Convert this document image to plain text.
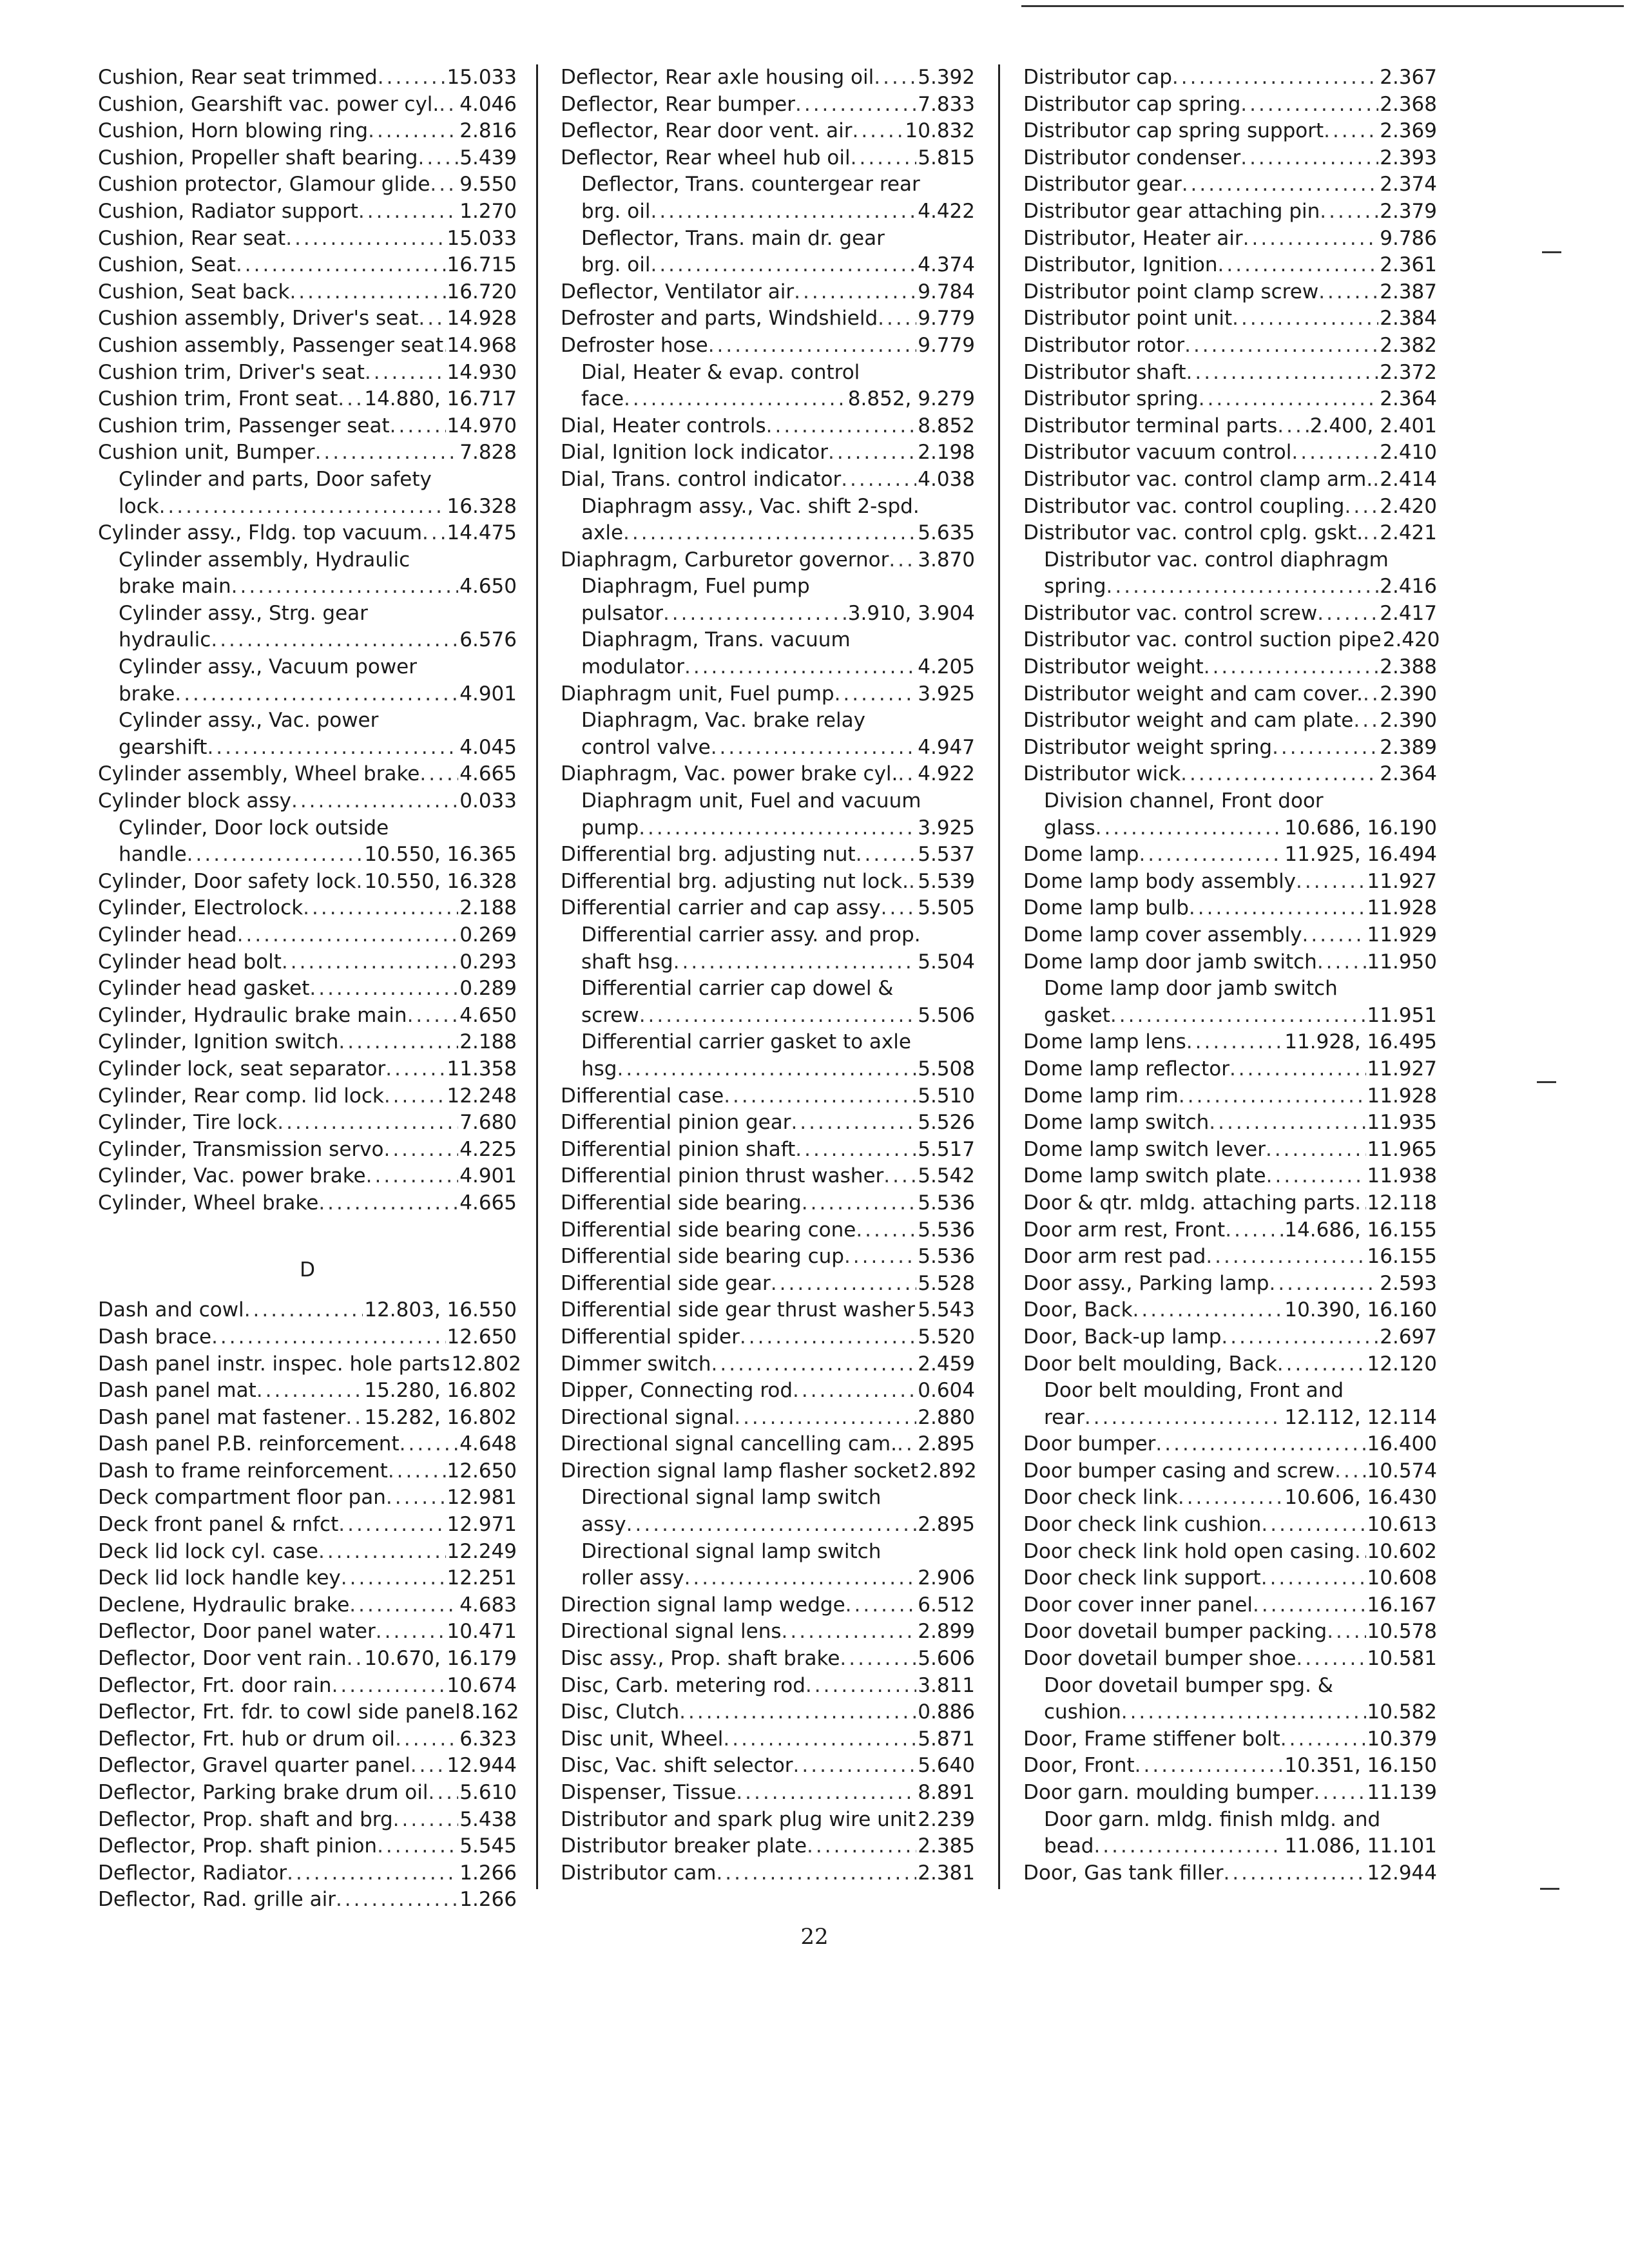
Cushion, Rear seat trimmed .....	15.033
Cushion, Gearshift vac. power cyl. ..... 4.046
Cushion, Horn blowing ring .....	2.816
Cushion, Propeller shaft bearing ..... 5.439
Cushion protector, Glamour glide ..... 9.550
Cushion, Radiator support .....	1.270
Cushion, Rear seat .....	15.033
Cushion, Seat .....	16.715
Cushion, Seat back .....	16.720
Cushion assembly, Driver's seat ..... 14.928
Cushion assembly, Passenger seat ..... 14.968
Cushion trim, Driver's seat .....	14.930
Cushion trim, Front seat ..... 14.880, 16.717
Cushion trim, Passenger seat .....	14.970
Cushion unit, Bumper .....	7.828
Cylinder and parts, Door safety
lock .....	16.328
Cylinder assy., Fldg. top vacuum ..... 14.475
Cylinder assembly, Hydraulic
brake main .....	4.650
Cylinder assy., Strg. gear
hydraulic .....	6.576
Cylinder assy., Vacuum power
brake .....	4.901
Cylinder assy., Vac. power
gearshift .....	4.045
Cylinder assembly, Wheel brake ..... 4.665
Cylinder block assy .....	0.033
Cylinder, Door lock outside
handle .....	10.550, 16.365
Cylinder, Door safety lock ..... 10.550, 16.328
Cylinder, Electrolock .....	2.188
Cylinder head .....	0.269
Cylinder head bolt .....	0.293
Cylinder head gasket .....	0.289
Cylinder, Hydraulic brake main .....	4.650
Cylinder, Ignition switch .....	2.188
Cylinder lock, seat separator .....	11.358
Cylinder, Rear comp. lid lock .....	12.248
Cylinder, Tire lock .....	7.680
Cylinder, Transmission servo .....	4.225
Cylinder, Vac. power brake .....	4.901
Cylinder, Wheel brake .....	4.665
D
Dash and cowl .....	12.803, 16.550
Dash brace .....	12.650
Dash panel instr. inspec. hole parts 12.802
Dash panel mat .....	15.280, 16.802
Dash panel mat fastener ..... 15.282, 16.802
Dash panel P.B. reinforcement .....	4.648
Dash to frame reinforcement .....	12.650
Deck compartment floor pan .....	12.981
Deck front panel & rnfct .....	12.971
Deck lid lock cyl. case .....	12.249
Deck lid lock handle key .....	12.251
Declene, Hydraulic brake .....	4.683
Deflector, Door panel water .....	10.471
Deflector, Door vent rain ..... 10.670, 16.179
Deflector, Frt. door rain .....	10.674
Deflector, Frt. fdr. to cowl side panel 8.162
Deflector, Frt. hub or drum oil .....	6.323
Deflector, Gravel quarter panel ..... 12.944
Deflector, Parking brake drum oil ..... 5.610
Deflector, Prop. shaft and brg .....	5.438
Deflector, Prop. shaft pinion .....	5.545
Deflector, Radiator .....	1.266
Deflector, Rad. grille air .....	1.266
Deflector, Rear axle housing oil ..... 5.392
Deflector, Rear bumper .....	7.833
Deflector, Rear door vent. air .....	10.832
Deflector, Rear wheel hub oil .....	5.815
Deflector, Trans. countergear rear
brg. oil .....	4.422
Deflector, Trans. main dr. gear
brg. oil .....	4.374
Deflector, Ventilator air .....	9.784
Defroster and parts, Windshield ..... 9.779
Defroster hose .....	9.779
Dial, Heater & evap. control
face .....	8.852, 9.279
Dial, Heater controls .....	8.852
Dial, Ignition lock indicator .....	2.198
Dial, Trans. control indicator .....	4.038
Diaphragm assy., Vac. shift 2-spd.
axle .....	5.635
Diaphragm, Carburetor governor ..... 3.870
Diaphragm, Fuel pump
pulsator .....	3.910, 3.904
Diaphragm, Trans. vacuum
modulator .....	4.205
Diaphragm unit, Fuel pump .....	3.925
Diaphragm, Vac. brake relay
control valve .....	4.947
Diaphragm, Vac. power brake cyl. ..... 4.922
Diaphragm unit, Fuel and vacuum
pump .....	3.925
Differential brg. adjusting nut .....	5.537
Differential brg. adjusting nut lock. ..... 5.539
Differential carrier and cap assy ..... 5.505
Differential carrier assy. and prop.
shaft hsg .....	5.504
Differential carrier cap dowel &
screw .....	5.506
Differential carrier gasket to axle
hsg .....	5.508
Differential case .....	5.510
Differential pinion gear .....	5.526
Differential pinion shaft .....	5.517
Differential pinion thrust washer ..... 5.542
Differential side bearing .....	5.536
Differential side bearing cone .....	5.536
Differential side bearing cup .....	5.536
Differential side gear .....	5.528
Differential side gear thrust washer ..... 5.543
Differential spider .....	5.520
Dimmer switch .....	2.459
Dipper, Connecting rod .....	0.604
Directional signal .....	2.880
Directional signal cancelling cam. ..... 2.895
Direction signal lamp flasher socket 2.892
Directional signal lamp switch
assy .....	2.895
Directional signal lamp switch
roller assy .....	2.906
Direction signal lamp wedge .....	6.512
Directional signal lens .....	2.899
Disc assy., Prop. shaft brake .....	5.606
Disc, Carb. metering rod .....	3.811
Disc, Clutch .....	0.886
Disc unit, Wheel .....	5.871
Disc, Vac. shift selector .....	5.640
Dispenser, Tissue .....	8.891
Distributor and spark plug wire unit ..... 2.239
Distributor breaker plate .....	2.385
Distributor cam .....	2.381
Distributor cap .....	2.367
Distributor cap spring .....	2.368
Distributor cap spring support .....	2.369
Distributor condenser .....	2.393
Distributor gear .....	2.374
Distributor gear attaching pin .....	2.379
Distributor, Heater air .....	9.786
Distributor, Ignition .....	2.361
Distributor point clamp screw .....	2.387
Distributor point unit .....	2.384
Distributor rotor .....	2.382
Distributor shaft .....	2.372
Distributor spring .....	2.364
Distributor terminal parts ..... 2.400, 2.401
Distributor vacuum control .....	2.410
Distributor vac. control clamp arm. ..... 2.414
Distributor vac. control coupling ..... 2.420
Distributor vac. control cplg. gskt. ..... 2.421
Distributor vac. control diaphragm
spring .....	2.416
Distributor vac. control screw .....	2.417
Distributor vac. control suction pipe 2.420
Distributor weight .....	2.388
Distributor weight and cam cover. ..... 2.390
Distributor weight and cam plate ..... 2.390
Distributor weight spring .....	2.389
Distributor wick .....	2.364
Division channel, Front door
glass .....	10.686, 16.190
Dome lamp .....	11.925, 16.494
Dome lamp body assembly .....	11.927
Dome lamp bulb .....	11.928
Dome lamp cover assembly .....	11.929
Dome lamp door jamb switch .....	11.950
Dome lamp door jamb switch
gasket .....	11.951
Dome lamp lens .....	11.928, 16.495
Dome lamp reflector .....	11.927
Dome lamp rim .....	11.928
Dome lamp switch .....	11.935
Dome lamp switch lever .....	11.965
Dome lamp switch plate .....	11.938
Door & qtr. mldg. attaching parts ..... 12.118
Door arm rest, Front .....	14.686, 16.155
Door arm rest pad .....	16.155
Door assy., Parking lamp .....	2.593
Door, Back .....	10.390, 16.160
Door, Back-up lamp .....	2.697
Door belt moulding, Back .....	12.120
Door belt moulding, Front and
rear .....	12.112, 12.114
Door bumper .....	16.400
Door bumper casing and screw ..... 10.574
Door check link .....	10.606, 16.430
Door check link cushion .....	10.613
Door check link hold open casing ..... 10.602
Door check link support .....	10.608
Door cover inner panel .....	16.167
Door dovetail bumper packing ..... 10.578
Door dovetail bumper shoe .....	10.581
Door dovetail bumper spg. &
cushion .....	10.582
Door, Frame stiffener bolt .....	10.379
Door, Front .....	10.351, 16.150
Door garn. moulding bumper .....	11.139
Door garn. mldg. finish mldg. and
bead .....	11.086, 11.101
Door, Gas tank filler .....	12.944
22
